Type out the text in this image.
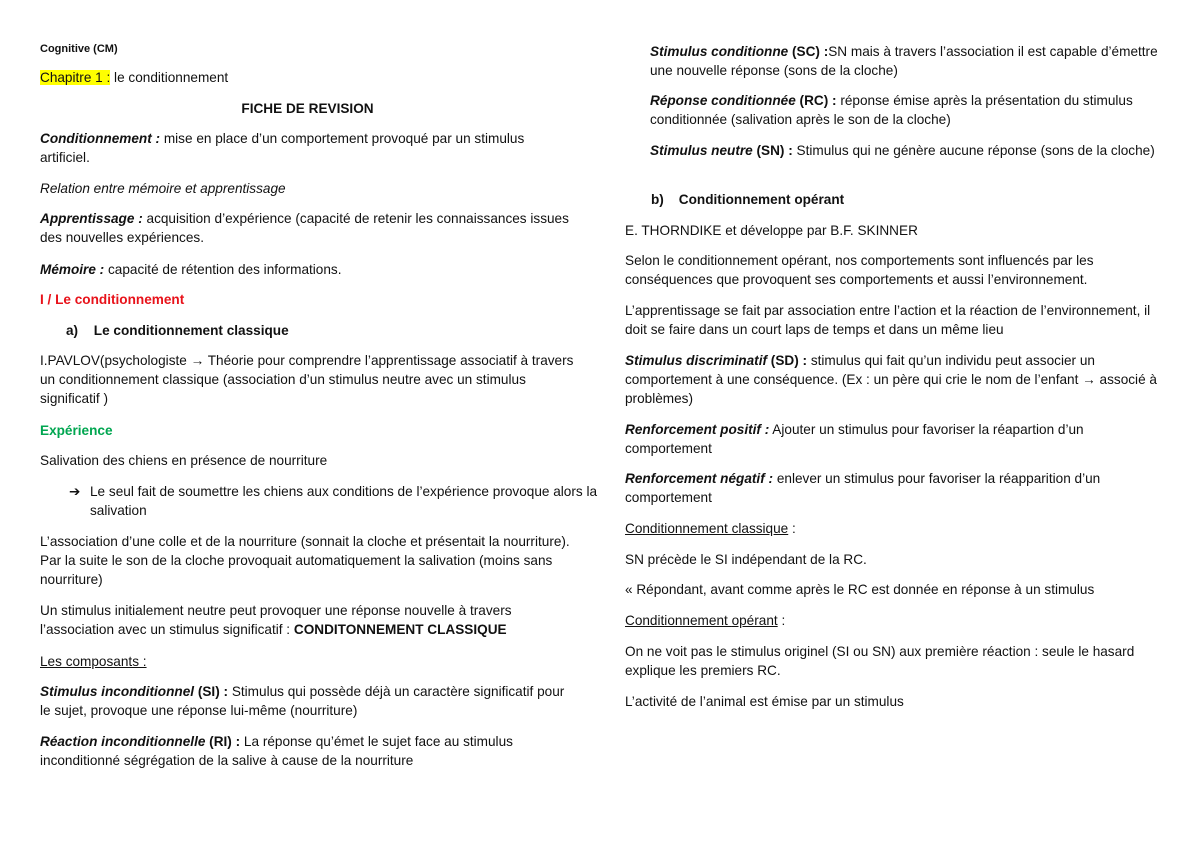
Cognitive (CM)

Chapitre 1 : le conditionnement

FICHE DE REVISION

Conditionnement : mise en place d’un comportement provoqué par un stimulus artificiel.

Relation entre mémoire et apprentissage

Apprentissage : acquisition d’expérience (capacité de retenir les connaissances issues des nouvelles expériences.

Mémoire : capacité de rétention des informations.

I / Le conditionnement

a) Le conditionnement classique

I.PAVLOV(psychologiste → Théorie pour comprendre l’apprentissage associatif à travers un conditionnement classique (association d’un stimulus neutre avec un stimulus significatif )

Expérience

Salivation des chiens en présence de nourriture

➔ Le seul fait de soumettre les chiens aux conditions de l’expérience provoque alors la salivation

L’association d’une colle et de la nourriture (sonnait la cloche et présentait la nourriture). Par la suite le son de la cloche provoquait automatiquement la salivation (moins sans nourriture)

Un stimulus initialement neutre peut provoquer une réponse nouvelle à travers l’association avec un stimulus significatif : CONDITONNEMENT CLASSIQUE

Les composants :

Stimulus inconditionnel (SI) : Stimulus qui possède déjà un caractère significatif pour le sujet, provoque une réponse lui-même (nourriture)

Réaction inconditionnelle (RI) : La réponse qu’émet le sujet face au stimulus inconditionné ségrégation de la salive à cause de la nourriture

Stimulus conditionne (SC) :SN mais à travers l’association il est capable d’émettre une nouvelle réponse (sons de la cloche)

Réponse conditionnée (RC) : réponse émise après la présentation du stimulus conditionnée (salivation après le son de la cloche)

Stimulus neutre (SN) : Stimulus qui ne génère aucune réponse (sons de la cloche)

b) Conditionnement opérant

E. THORNDIKE et développe par B.F. SKINNER

Selon le conditionnement opérant, nos comportements sont influencés par les conséquences que provoquent ses comportements et aussi l’environnement.

L’apprentissage se fait par association entre l’action et la réaction de l’environnement, il doit se faire dans un court laps de temps et dans un même lieu

Stimulus discriminatif (SD) : stimulus qui fait qu’un individu peut associer un comportement à une conséquence. (Ex : un père qui crie le nom de l’enfant → associé à problèmes)

Renforcement positif : Ajouter un stimulus pour favoriser la réapartion d’un comportement

Renforcement négatif : enlever un stimulus pour favoriser la réapparition d’un comportement

Conditionnement classique :

SN précède le SI indépendant de la RC.

« Répondant, avant comme après le RC est donnée en réponse à un stimulus

Conditionnement opérant :

On ne voit pas le stimulus originel (SI ou SN) aux première réaction : seule le hasard explique les premiers RC.

L’activité de l’animal est émise par un stimulus
